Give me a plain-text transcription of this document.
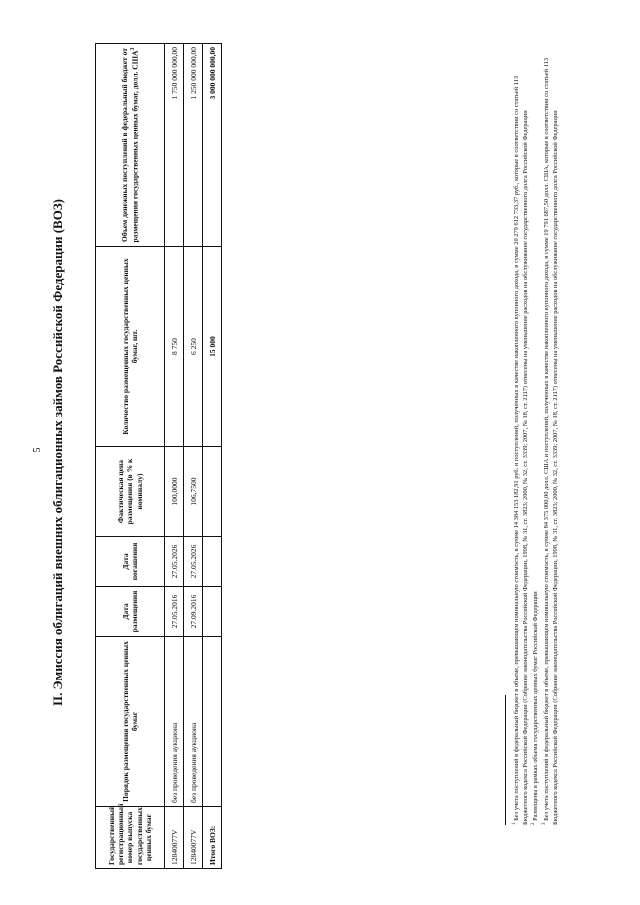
5 II. Эмиссия облигаций внешних облигационных займов Российской Федерации (ВОЗ)
Государственный регистрационный номер выпуска государственных ценных бумаг	Порядок размещения государственных ценных бумаг	Дата размещения	Дата погашения	Фактическая цена размещения (в % к номиналу)	Количество размещенных государственных ценных бумаг, шт.	Объем денежных поступлений в федеральный бюджет от размещения государственных ценных бумаг, долл. США$^3$
12840077V	без проведения аукциона	27.05.2016	27.05.2026	100,0000	8 750	1 750 000 000,00
12840077V	без проведения аукциона	27.09.2016	27.05.2026	106,7500	6 250	1 250 000 000,00
Итого ВОЗ:					15 000	3 000 000 000,00

$^1$ Без учета поступлений в федеральный бюджет в объеме, превышающем номинальную стоимость, в сумме 14 384 153 182,91 руб. и поступлений, полученных в качестве накопленного купонного дохода, в сумме 20 279 612 733,37 руб., которые в соответствии со статьей 113 Бюджетного кодекса Российской Федерации (Собрание законодательства Российской Федерации, 1998, № 31, ст. 3823; 2000, № 32, ст. 3339; 2007, № 18, ст. 2117) отнесены на уменьшение расходов на обслуживание государственного долга Российской Федерации $^2$ Размещены в рамках объема государственных ценных бумаг Российской Федерации

$^3$ Без учета поступлений в федеральный бюджет в объеме, превышающем номинальную стоимость, в сумме 84 375 000,00 долл. США и поступлений, полученных в качестве накопленного купонного дохода, в сумме 19 791 687,50 долл. США, которые в соответствии со статьей 113 Бюджетного кодекса Российской Федерации (Собрание законодательства Российской Федерации, 1998, № 31, ст. 3823; 2000, № 32, ст. 3339; 2007, № 18, ст. 2117) отнесены на уменьшение расходов на обслуживание государственного долга Российской Федерации
